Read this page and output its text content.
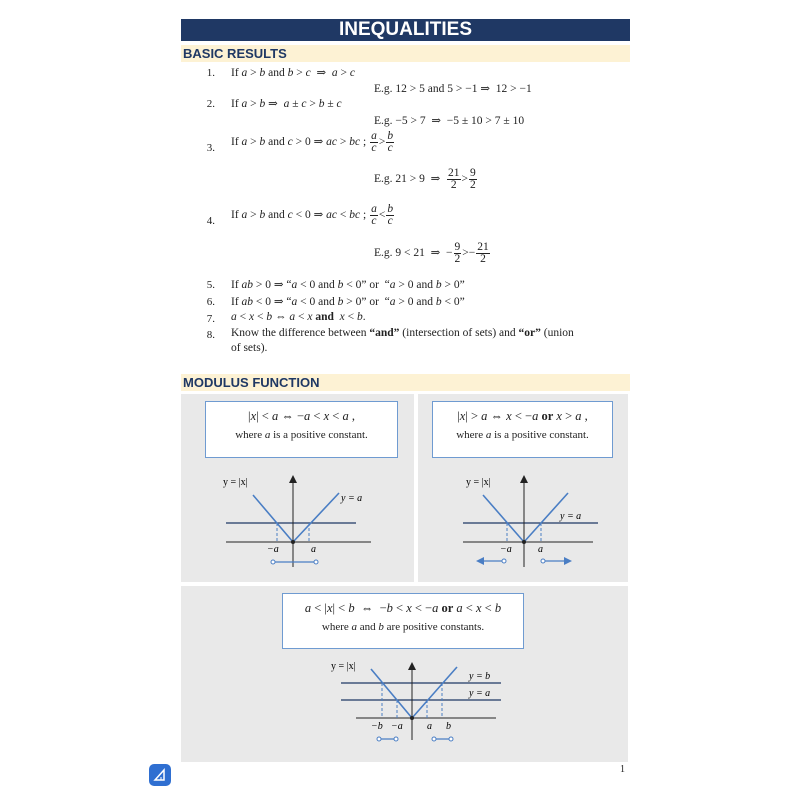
INEQUALITIES
BASIC RESULTS
1. If a > b and b > c  ⇒  a > c
E.g. 12 > 5 and 5 > −1 ⇒  12 > −1
2. If a > b ⇒  a ± c > b ± c
E.g. −5 > 7  ⇒  −5 ± 10 > 7 ± 10
3. If a > b and c > 0 ⇒ ac > bc ; $\frac{a}{c} > \frac{b}{c}$
E.g. 21 > 9  ⇒ $\frac{21}{2} > \frac{9}{2}$
4. If a > b and c < 0 ⇒ ac < bc ; $\frac{a}{c} < \frac{b}{c}$
E.g. 9 < 21  ⇒  − $\frac{9}{2} >- \frac{21}{2}$
5. If ab > 0 ⇒ “a < 0 and b < 0” or  “a > 0 and b > 0”
6. If ab < 0 ⇒ “a < 0 and b > 0” or  “a > 0 and b < 0”
7. a < x < b ⇔ a < x and x < b.
8. Know the difference between “and” (intersection of sets) and “or” (union
of sets).
MODULUS FUNCTION
|x| < a ⇔ −a < x < a ,
where a is a positive constant.
y = |x|
y = a
−a	a
|x| > a ⇔ x < −a or x > a ,
where a is a positive constant.
y = |x|
y = a
−a	a
a < |x| < b  ⇔  −b < x < −a or a < x < b
where a and b are positive constants.
y = |x|
y = b
y = a
−b −a a b
1
